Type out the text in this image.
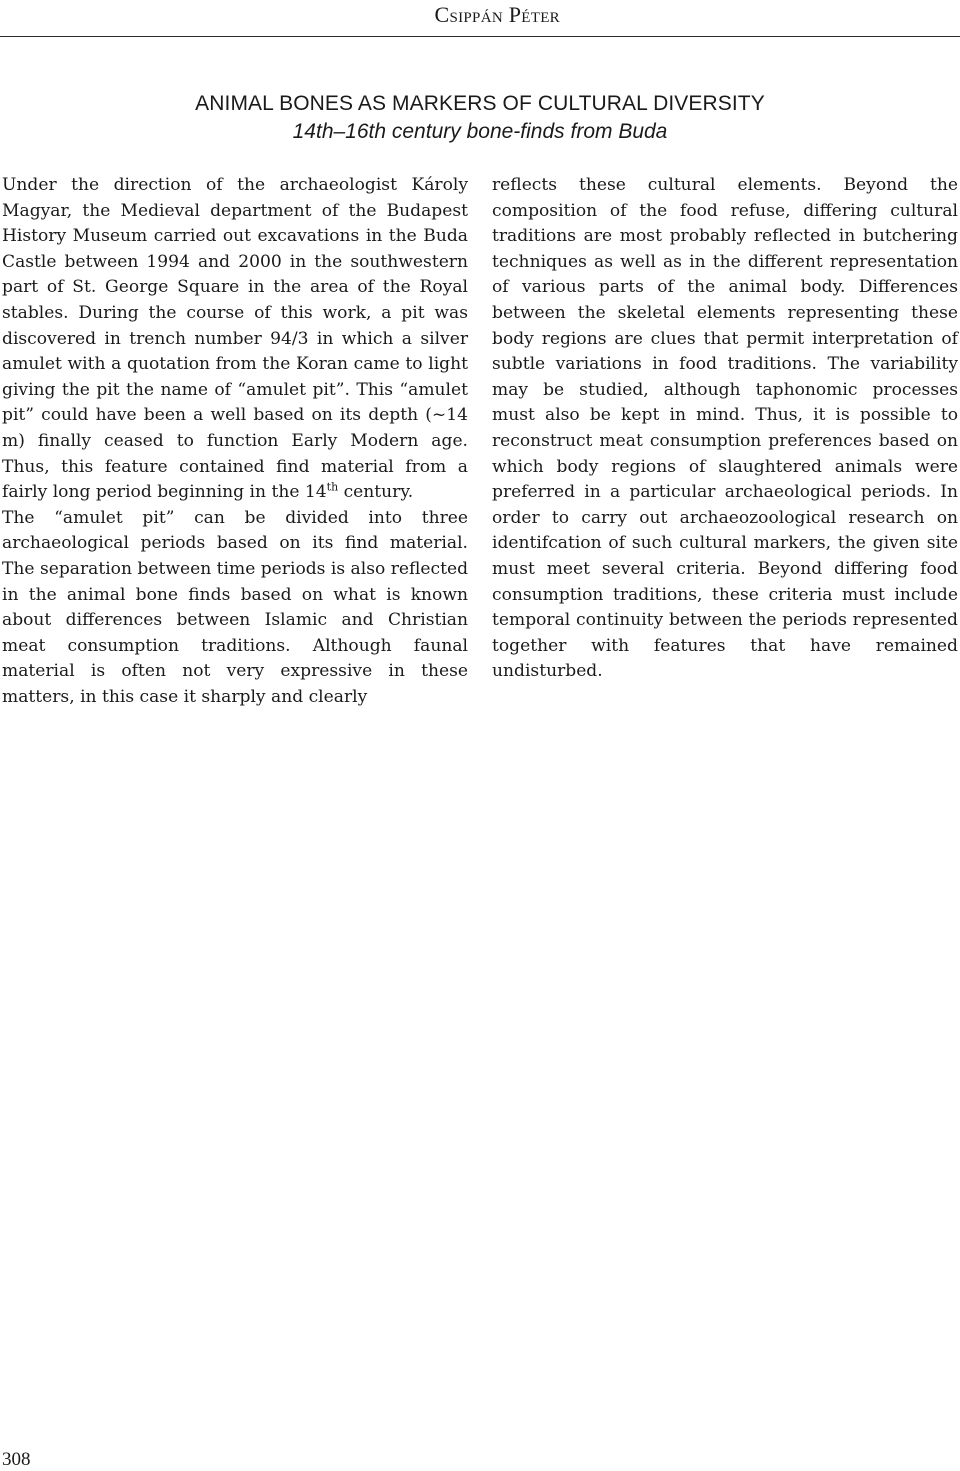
Csippán Péter
ANIMAL BONES AS MARKERS OF CULTURAL DIVERSITY
14th–16th century bone-finds from Buda

Under the direction of the archaeologist Károly Magyar, the Medieval department of the Budapest History Museum carried out excavations in the Buda Castle between 1994 and 2000 in the southwestern part of St. George Square in the area of the Royal stables. During the course of this work, a pit was discovered in trench number 94/3 in which a silver amulet with a quotation from the Koran came to light giving the pit the name of “amulet pit”. This “amulet pit” could have been a well based on its depth (~14 m) finally ceased to function Early Modern age. Thus, this feature contained find material from a fairly long period beginning in the 14th century.

The “amulet pit” can be divided into three archaeological periods based on its find material. The separation between time periods is also reflected in the animal bone finds based on what is known about differences between Islamic and Christian meat consumption traditions. Although faunal material is often not very expressive in these matters, in this case it sharply and clearly

reflects these cultural elements. Beyond the composition of the food refuse, differing cultural traditions are most probably reflected in butchering techniques as well as in the different representation of various parts of the animal body. Differences between the skeletal elements representing these body regions are clues that permit interpretation of subtle variations in food traditions. The variability may be studied, although taphonomic processes must also be kept in mind. Thus, it is possible to reconstruct meat consumption preferences based on which body regions of slaughtered animals were preferred in a particular archaeological periods. In order to carry out archaeozoological research on identifcation of such cultural markers, the given site must meet several criteria. Beyond differing food consumption traditions, these criteria must include temporal continuity between the periods represented together with features that have remained undisturbed.

308
